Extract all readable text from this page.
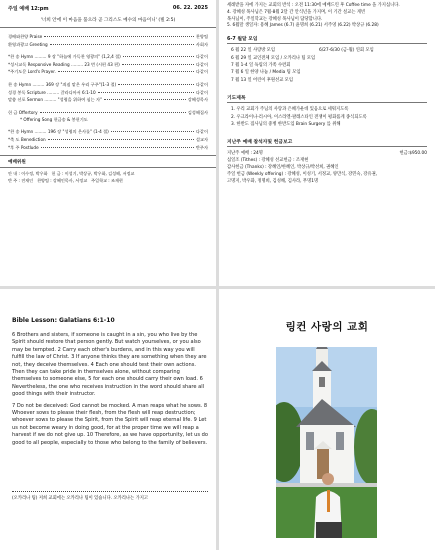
주일 예배 12:pm	06. 22. 2025
'너희 안에 이 마음을 품으라 곧 그리스도 예수의 마음이니' (빌 2:5)
경배와찬양 Praise	찬양팀
환영과광고 Greeting	사회자
*찬 송 Hymn ......... 9 장 "하늘에 가득찬 영광의" (1,2,4 절)	다같이
*성시교독 Responsive Reading ......... 23 번 (시편 43 편)	다같이
*주기도문 Lord's Prayer.	다같이
찬 송 Hymn ......... 369 장 "죄짐 맡은 우리 구주"(1-3 절)	다같이
성경 봉독 Scripture ......... 갈라디아서 6:1-10	다같이
말씀 선포 Sermon ......... "성령을 위하여 심는 자"	강혜성목사
헌 금 Offertory	김성해집사
* Offering Song 헌금송 & 봉헌기도
*찬 송 Hymn ......... 196 장 "성령의 은사를" (1-4 절)	다같이
*축 도 Benediction	설교자
*후 주 Postlude	반주자
예배위원
안 내 : 이수정, 박우화 헌 금 : 이성기, 박상규, 박우화, 김성해, 서정교
반 주 : 전재인 찬양팀 : 강혜인목사, 서정교 주일학교 : 조재현
세례받을 자에 가지는 교회의 반석 : 오전 11:30에 예배드린 후 Coffee time 을 가지십니다.
4. 강혜성 목사님은 7월-8월 2달 간 안식년을 가지며, 이 기간 설교는 게빈
목사님이, 주일학교는 강혜성 목사님이 담당합니다.
5. 6월말 생일자: 용혜 James (6.7) 윤명희 (6.21) 서주영 (6.22) 박상규 (6.28)
6-7 월달 모임
6 월 22 일 사랑방 모임	6/27-6/30 (금-월) 연회 모임
6 월 29 일 교인전체 모임 / 오카리나 팀 모임
7 월 1-4 일 독립의 가족 수련회
7 월 6 일 한양 나눔 / Media 팀 모임
7 월 13 일 어린이 후원선교 모임
기도제목
1. 우리 교회가 주님의 사랑과 은혜가운데 있음으로 세워지도록
2. 우크라이나-러시아, 이스라엘-팔레스타인 전쟁이 평화롭게 종식되도록
3. 한반도 집사님의 중병 한반도입 Brain Surgery 를 위해
지난주 예배 참석자및 헌금보고
지난주 예배 : 24명	헌금:$950.00
십일조 (Tithes) : 강혜성 선교헌금 : 조재현
감사헌금 (Thanks) : 강혜인/한혜인, 박상규/박선희, 권혜인
주일 헌금 (Weekly offering) : 강혜성, 이성기, 서정교, 양만식, 강민숙, 강유권,
고명지, 박우화, 정명희, 김성해, 김사라, 무명1명
Bible Lesson: Galatians 6:1-10

6 Brothers and sisters, if someone is caught in a sin, you who live by the Spirit should restore that person gently. But watch yourselves, or you also may be tempted. 2 Carry each other's burdens, and in this way you will fulfill the law of Christ. 3 If anyone thinks they are something when they are not, they deceive themselves. 4 Each one should test their own actions. Then they can take pride in themselves alone, without comparing themselves to someone else, 5 for each one should carry their own load. 6 Nevertheless, the one who receives instruction in the word should share all good things with their instructor.

7 Do not be deceived: God cannot be mocked. A man reaps what he sows. 8 Whoever sows to please their flesh, from the flesh will reap destruction; whoever sows to please the Spirit, from the Spirit will reap eternal life. 9 Let us not become weary in doing good, for at the proper time we will reap a harvest if we do not give up. 10 Therefore, as we have opportunity, let us do good to all people, especially to those who belong to the family of believers.

(오카리나 팀) 저희 교회에는 오카리나 팀이 있습니다. 오카리나는 가지고
링컨 사랑의 교회
